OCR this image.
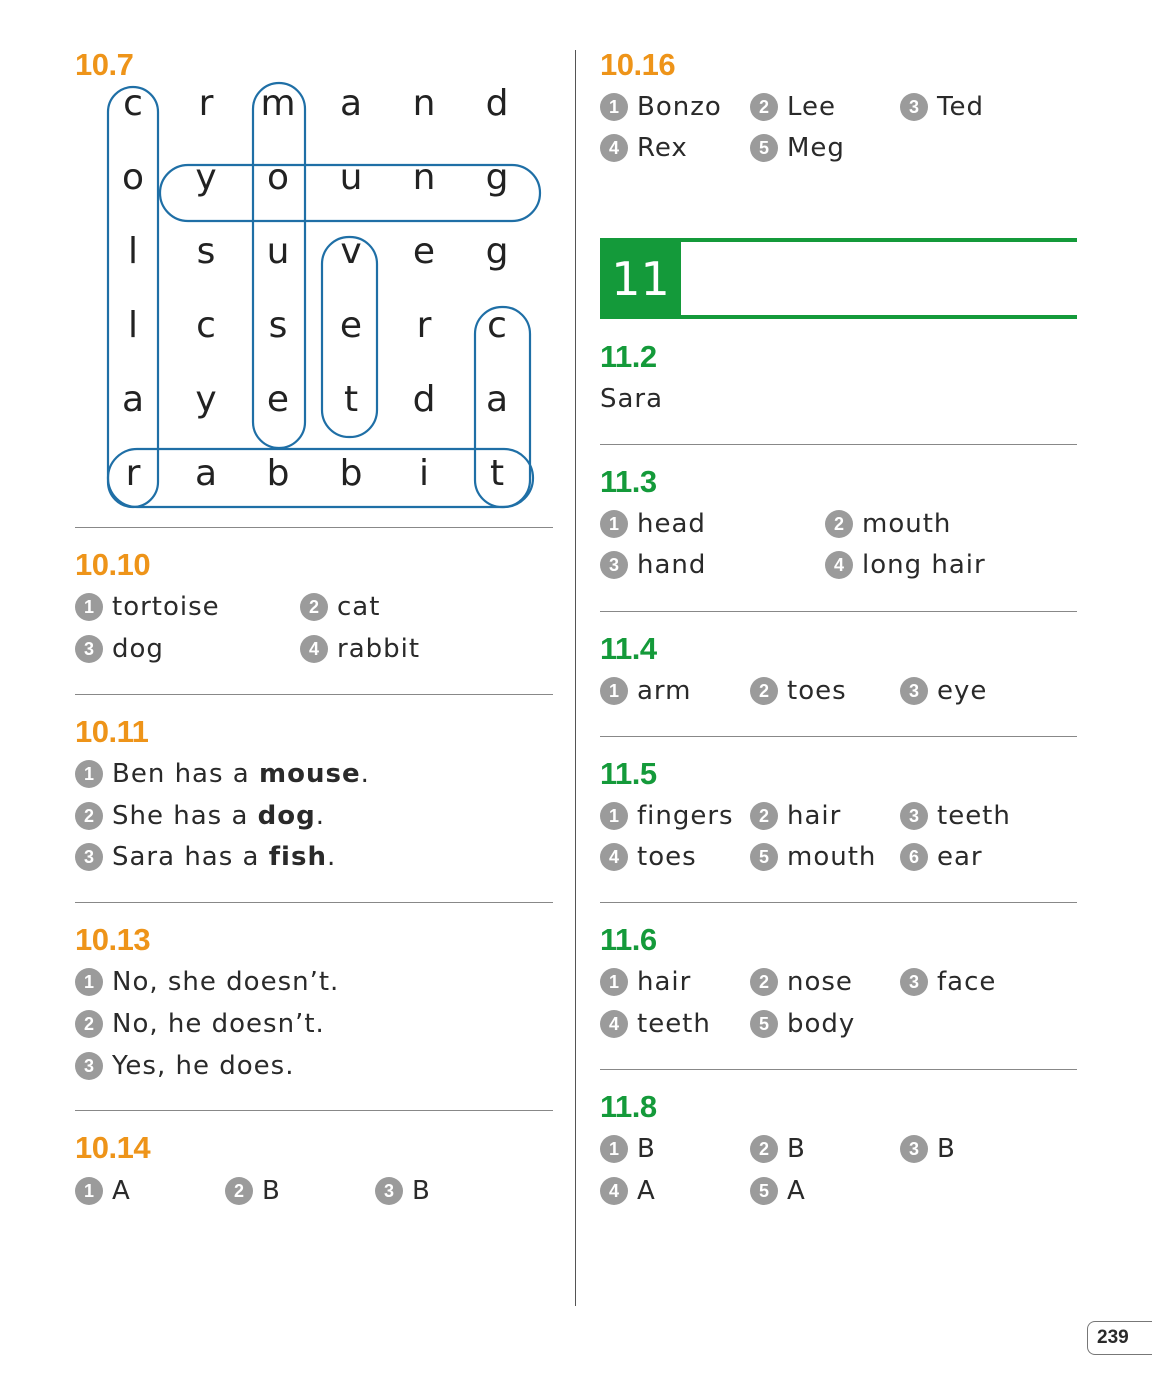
10.7
c	r	m	a	n d
o	y	o	u n g
l	s	u	v	e	g
l	c	s	e	r	c
a	y	e	t	d	a
r	a	b b	i	t
10.10
1 tortoise	2 cat
3 dog	4 rabbit
10.11
1 Ben has a mouse.
2 She has a dog.
3 Sara has a fish.
10.13
1 No, she doesn’t.
2 No, he doesn’t.
3 Yes, he does.
10.14
1 A	2 B	3 B
10.16
1 Bonzo	2 Lee	3 Ted
4 Rex	5 Meg
11
11.2
Sara
11.3
1 head	2 mouth
3 hand	4 long hair
11.4
1 arm	2 toes	3 eye
11.5
1 fingers	2 hair	3 teeth
4 toes	5 mouth	6 ear
11.6
1 hair	2 nose	3 face
4 teeth	5 body
11.8
1 B	2 B	3 B
4 A	5 A
239
